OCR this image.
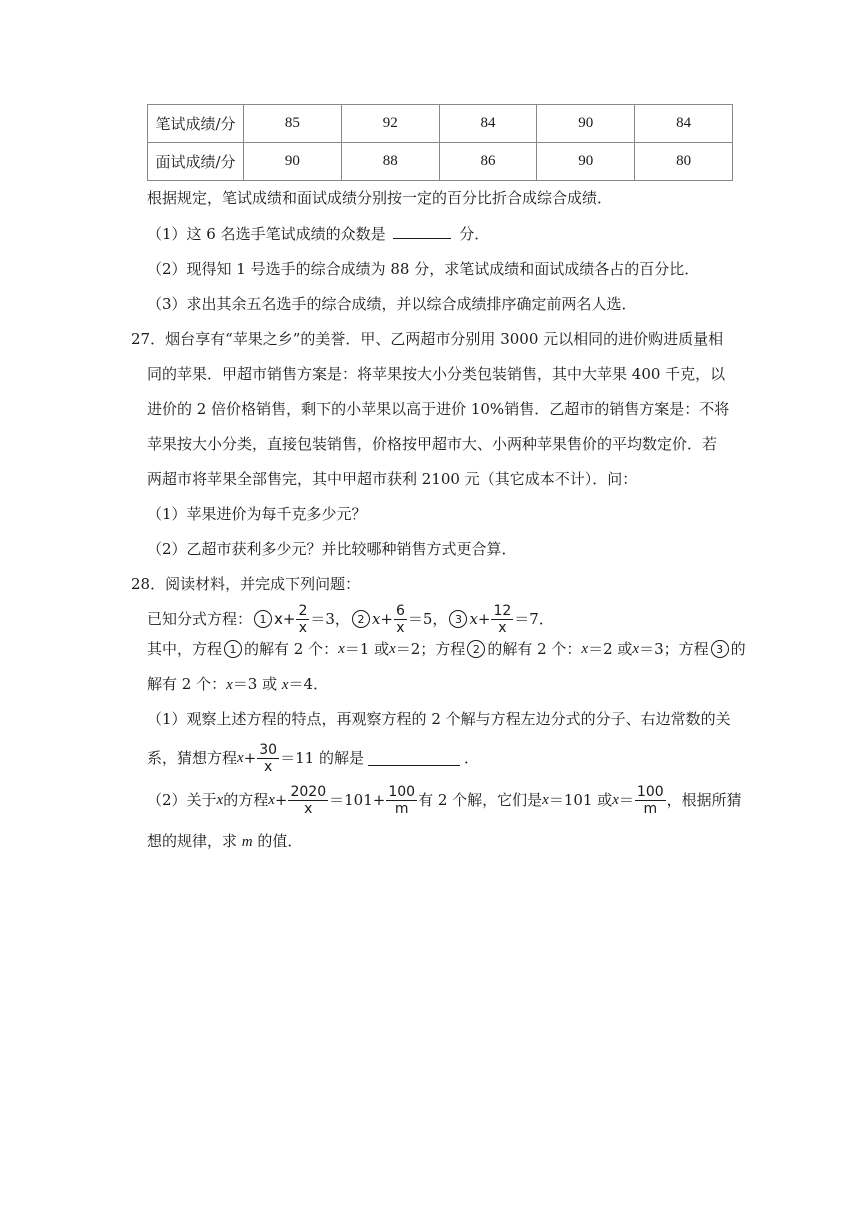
笔试成绩/分	85	92	84	90	84
面试成绩/分	90	88	86	90	80
根据规定，笔试成绩和面试成绩分别按一定的百分比折合成综合成绩．
（1）这 6 名选手笔试成绩的众数是	分．
（2）现得知 1 号选手的综合成绩为 88 分，求笔试成绩和面试成绩各占的百分比．
（3）求出其余五名选手的综合成绩，并以综合成绩排序确定前两名人选．
27．烟台享有“苹果之乡”的美誉．甲、乙两超市分别用 3000 元以相同的进价购进质量相
同的苹果．甲超市销售方案是：将苹果按大小分类包装销售，其中大苹果 400 千克，以
进价的 2 倍价格销售，剩下的小苹果以高于进价 10%销售．乙超市的销售方案是：不将
苹果按大小分类，直接包装销售，价格按甲超市大、小两种苹果售价的平均数定价．若
两超市将苹果全部售完，其中甲超市获利 2100 元（其它成本不计）．问：
（1）苹果进价为每千克多少元？
（2）乙超市获利多少元？并比较哪种销售方式更合算．
28．阅读材料，并完成下列问题：
已知分式方程： 1 $x+ \frac{2}{x} =3$， 2 $x+ \frac{6}{x} =5$， 3 $x+ \frac{12}{x} =7$．
其中，方程 1 的解有 2 个： x ＝1 或 x ＝2；方程 2 的解有 2 个： x ＝2 或 x ＝3；方程 3 的
解有 2 个：x＝3 或 x＝4．
（1）观察上述方程的特点，再观察方程的 2 个解与方程左边分式的分子、右边常数的关
系，猜想方程 $x + \frac{30}{x} =11$ 的解是	．
（2）关于 x 的方程 $x + \frac{2020}{x} =101+ \frac{100}{m}$ 有 2 个解，它们是 x ＝101 或 $x = \frac{100}{m}$ ，根据所猜
想的规律，求 m 的值．
